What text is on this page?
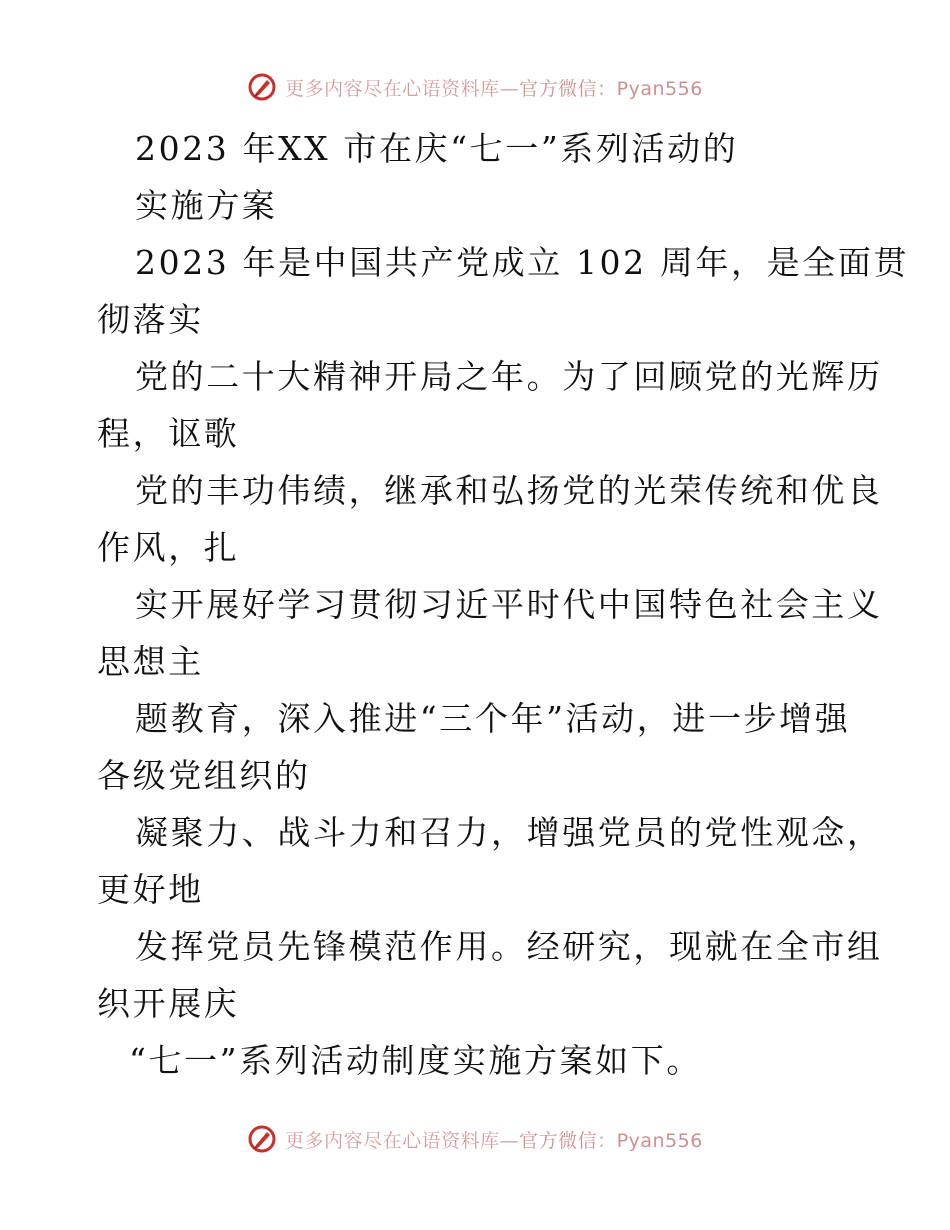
更多内容尽在心语资料库—官方微信：Pyan556
2023 年XX 市在庆“七一”系列活动的
实施方案
2023 年是中国共产党成立 102 周年，是全面贯
彻落实
党的二十大精神开局之年。为了回顾党的光辉历
程，讴歌
党的丰功伟绩，继承和弘扬党的光荣传统和优良
作风，扎
实开展好学习贯彻习近平时代中国特色社会主义
思想主
题教育，深入推进“三个年”活动，进一步增强
各级党组织的
凝聚力、战斗力和召力，增强党员的党性观念，
更好地
发挥党员先锋模范作用。经研究，现就在全市组
织开展庆
“七一”系列活动制度实施方案如下。
更多内容尽在心语资料库—官方微信：Pyan556
